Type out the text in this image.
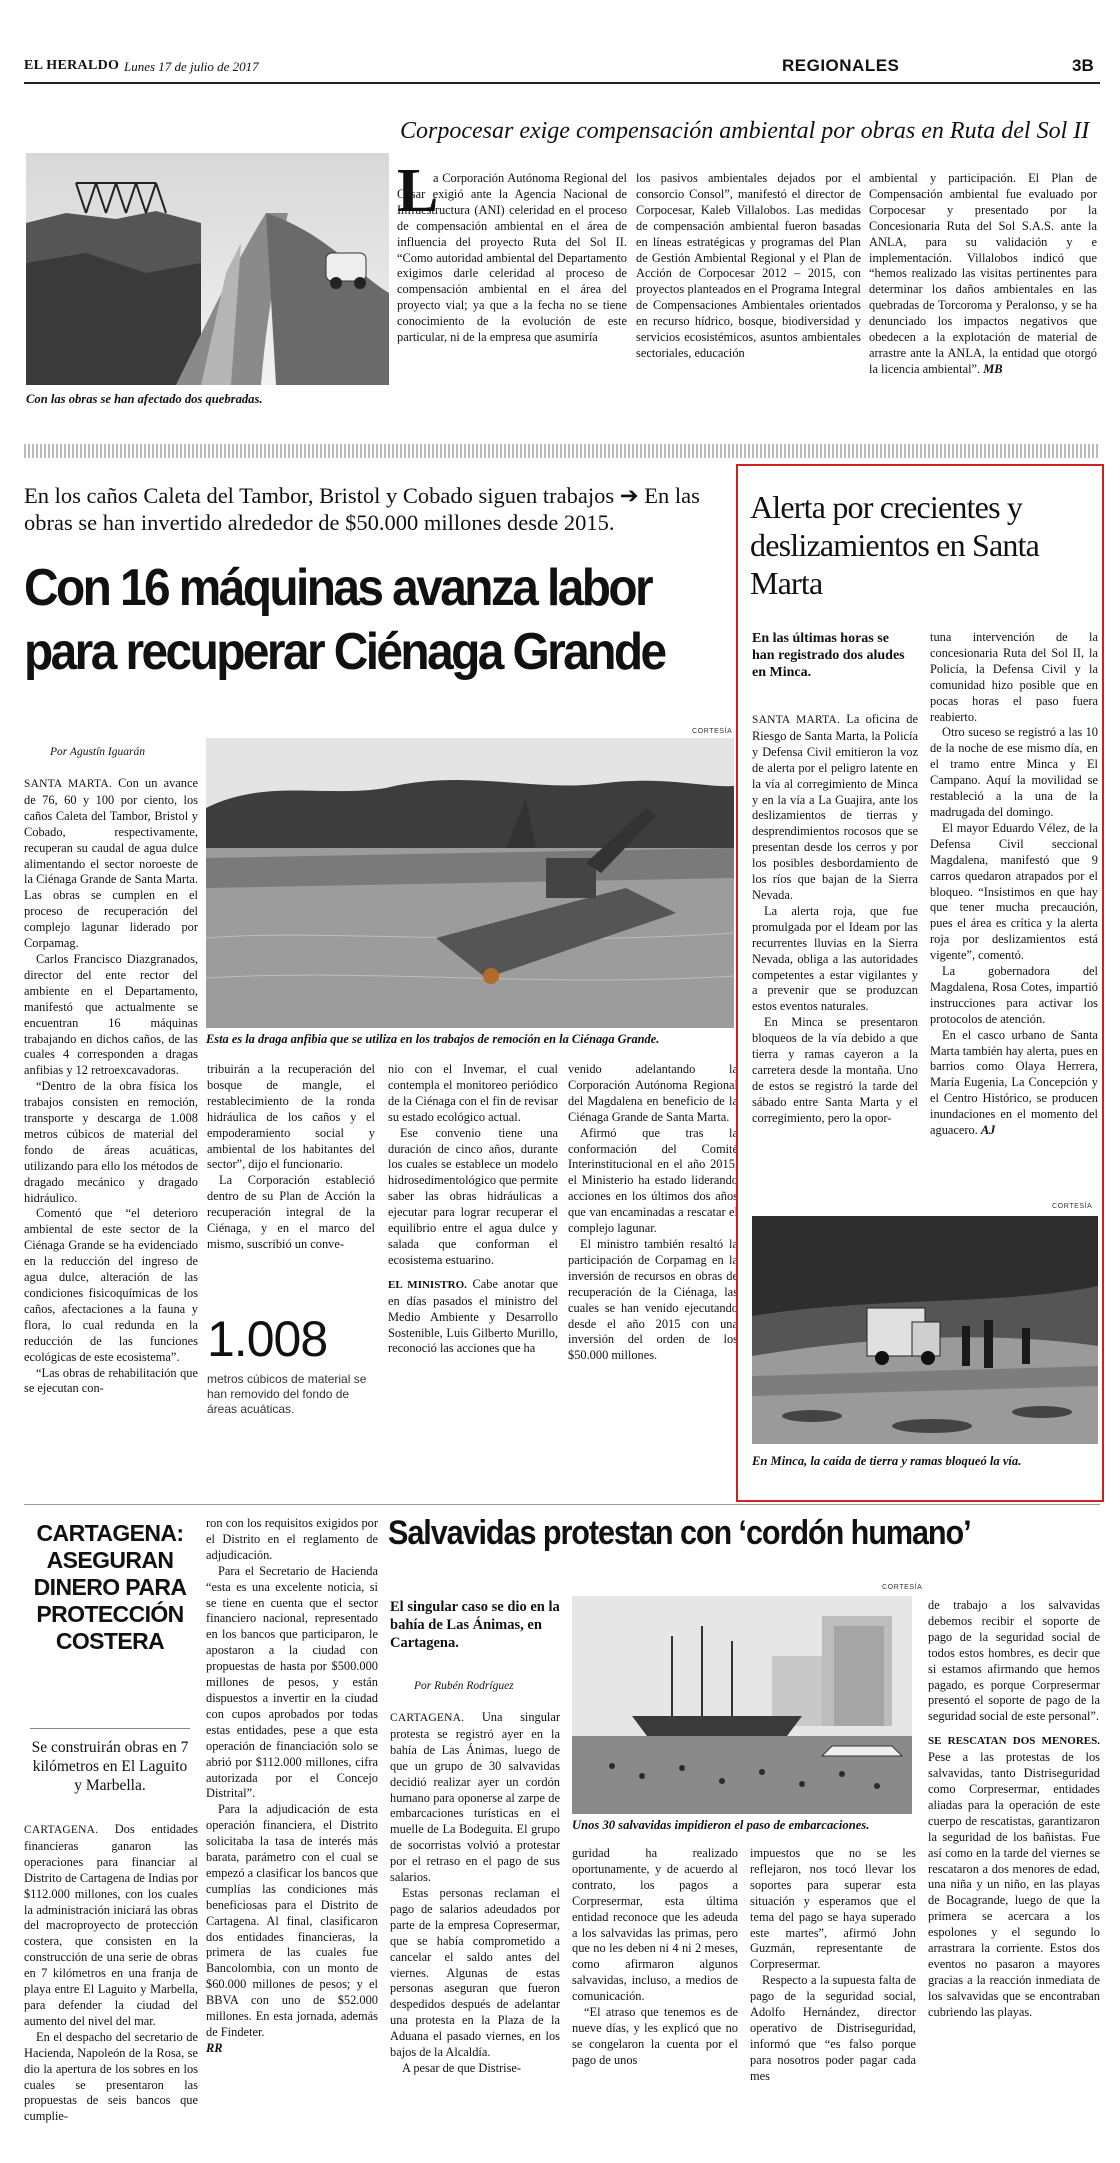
EL HERALDO Lunes 17 de julio de 2017	REGIONALES	3B
Corpocesar exige compensación ambiental por obras en Ruta del Sol II
Con las obras se han afectado dos quebradas.
L

a Corporación Autónoma Regional del Cesar exigió ante la Agencia Nacional de Infraestructura (ANI) celeridad en el proceso de compensación ambiental en el área de influencia del proyecto Ruta del Sol II. “Como autoridad ambiental del Departamento exigimos darle celeridad al proceso de compensación ambiental en el área del proyecto vial; ya que a la fecha no se tiene conocimiento de la evolución de este particular, ni de la empresa que asumiría

los pasivos ambientales dejados por el consorcio Consol”, manifestó el director de Corpocesar, Kaleb Villalobos. Las medidas de compensación ambiental fueron basadas en líneas estratégicas y programas del Plan de Gestión Ambiental Regional y el Plan de Acción de Corpocesar 2012 – 2015, con proyectos planteados en el Programa Integral de Compensaciones Ambientales orientados en recurso hídrico, bosque, biodiversidad y servicios ecosistémicos, asuntos ambientales sectoriales, educación

ambiental y participación. El Plan de Compensación ambiental fue evaluado por Corpocesar y presentado por la Concesionaria Ruta del Sol S.A.S. ante la ANLA, para su validación y e implementación. Villalobos indicó que “hemos realizado las visitas pertinentes para determinar los daños ambientales en las quebradas de Torcoroma y Peralonso, y se ha denunciado los impactos negativos que obedecen a la explotación de material de arrastre ante la ANLA, la entidad que otorgó la licencia ambiental”. MB

En los caños Caleta del Tambor, Bristol y Cobado siguen trabajos ➔ En las obras se han invertido alrededor de $50.000 millones desde 2015.
Con 16 máquinas avanza labor
para recuperar Ciénaga Grande
Por Agustín Iguarán
CORTESÍA
Esta es la draga anfibia que se utiliza en los trabajos de remoción en la Ciénaga Grande.

SANTA MARTA. Con un avance de 76, 60 y 100 por ciento, los caños Caleta del Tambor, Bristol y Cobado, respectivamente, recuperan su caudal de agua dulce alimentando el sector noroeste de la Ciénaga Grande de Santa Marta. Las obras se cumplen en el proceso de recuperación del complejo lagunar liderado por Corpamag.

Carlos Francisco Diazgranados, director del ente rector del ambiente en el Departamento, manifestó que actualmente se encuentran 16 máquinas trabajando en dichos caños, de las cuales 4 corresponden a dragas anfibias y 12 retroexcavadoras.

“Dentro de la obra física los trabajos consisten en remoción, transporte y descarga de 1.008 metros cúbicos de material del fondo de áreas acuáticas, utilizando para ello los métodos de dragado mecánico y dragado hidráulico.

Comentó que “el deterioro ambiental de este sector de la Ciénaga Grande se ha evidenciado en la reducción del ingreso de agua dulce, alteración de las condiciones fisicoquímicas de los caños, afectaciones a la fauna y flora, lo cual redunda en la reducción de las funciones ecológicas de este ecosistema”.

“Las obras de rehabilitación que se ejecutan con-

tribuirán a la recuperación del bosque de mangle, el restablecimiento de la ronda hidráulica de los caños y el empoderamiento social y ambiental de los habitantes del sector”, dijo el funcionario.

La Corporación estableció dentro de su Plan de Acción la recuperación integral de la Ciénaga, y en el marco del mismo, suscribió un conve-

1.008
metros cúbicos de material se han removido del fondo de áreas acuáticas.

nio con el Invemar, el cual contempla el monitoreo periódico de la Ciénaga con el fin de revisar su estado ecológico actual.

Ese convenio tiene una duración de cinco años, durante los cuales se establece un modelo hidrosedimentológico que permite saber las obras hidráulicas a ejecutar para lograr recuperar el equilibrio entre el agua dulce y salada que conforman el ecosistema estuarino.

EL MINISTRO. Cabe anotar que en días pasados el ministro del Medio Ambiente y Desarrollo Sostenible, Luis Gilberto Murillo, reconoció las acciones que ha

venido adelantando la Corporación Autónoma Regional del Magdalena en beneficio de la Ciénaga Grande de Santa Marta.

Afirmó que tras la conformación del Comité Interinstitucional en el año 2015, el Ministerio ha estado liderando acciones en los últimos dos años que van encaminadas a rescatar el complejo lagunar.

El ministro también resaltó la participación de Corpamag en la inversión de recursos en obras de recuperación de la Ciénaga, las cuales se han venido ejecutando desde el año 2015 con una inversión del orden de los $50.000 millones.

Alerta por crecientes y deslizamientos en Santa Marta
En las últimas horas se han registrado dos aludes en Minca.

SANTA MARTA. La oficina de Riesgo de Santa Marta, la Policía y Defensa Civil emitieron la voz de alerta por el peligro latente en la vía al corregimiento de Minca y en la vía a La Guajira, ante los deslizamientos de tierras y desprendimientos rocosos que se presentan desde los cerros y por los posibles desbordamiento de los ríos que bajan de la Sierra Nevada.

La alerta roja, que fue promulgada por el Ideam por las recurrentes lluvias en la Sierra Nevada, obliga a las autoridades competentes a estar vigilantes y a prevenir que se produzcan estos eventos naturales.

En Minca se presentaron bloqueos de la vía debido a que tierra y ramas cayeron a la carretera desde la montaña. Uno de estos se registró la tarde del sábado entre Santa Marta y el corregimiento, pero la opor-

tuna intervención de la concesionaria Ruta del Sol II, la Policía, la Defensa Civil y la comunidad hizo posible que en pocas horas el paso fuera reabierto.

Otro suceso se registró a las 10 de la noche de ese mismo día, en el tramo entre Minca y El Campano. Aquí la movilidad se restableció a la una de la madrugada del domingo.

El mayor Eduardo Vélez, de la Defensa Civil seccional Magdalena, manifestó que 9 carros quedaron atrapados por el bloqueo. “Insistimos en que hay que tener mucha precaución, pues el área es crítica y la alerta roja por deslizamientos está vigente”, comentó.

La gobernadora del Magdalena, Rosa Cotes, impartió instrucciones para activar los protocolos de atención.

En el casco urbano de Santa Marta también hay alerta, pues en barrios como Olaya Herrera, María Eugenia, La Concepción y el Centro Histórico, se producen inundaciones en el momento del aguacero. AJ

CORTESÍA
En Minca, la caída de tierra y ramas bloqueó la vía.
CARTAGENA: ASEGURAN DINERO PARA PROTECCIÓN COSTERA
Se construirán obras en 7 kilómetros en El Laguito y Marbella.

CARTAGENA. Dos entidades financieras ganaron las operaciones para financiar al Distrito de Cartagena de Indias por $112.000 millones, con los cuales la administración iniciará las obras del macroproyecto de protección costera, que consisten en la construcción de una serie de obras en 7 kilómetros en una franja de playa entre El Laguito y Marbella, para defender la ciudad del aumento del nivel del mar.

En el despacho del secretario de Hacienda, Napoleón de la Rosa, se dio la apertura de los sobres en los cuales se presentaron las propuestas de seis bancos que cumplie-

ron con los requisitos exigidos por el Distrito en el reglamento de adjudicación.

Para el Secretario de Hacienda “esta es una excelente noticia, si se tiene en cuenta que el sector financiero nacional, representado en los bancos que participaron, le apostaron a la ciudad con propuestas de hasta por $500.000 millones de pesos, y están dispuestos a invertir en la ciudad con cupos aprobados por todas estas entidades, pese a que esta operación de financiación solo se abrió por $112.000 millones, cifra autorizada por el Concejo Distrital”.

Para la adjudicación de esta operación financiera, el Distrito solicitaba la tasa de interés más barata, parámetro con el cual se empezó a clasificar los bancos que cumplías las condiciones más beneficiosas para el Distrito de Cartagena. Al final, clasificaron dos entidades financieras, la primera de las cuales fue Bancolombia, con un monto de $60.000 millones de pesos; y el BBVA con uno de $52.000 millones. En esta jornada, además de Findeter.

RR

Salvavidas protestan con ‘cordón humano’
El singular caso se dio en la bahía de Las Ánimas, en Cartagena.
Por Rubén Rodríguez

CARTAGENA. Una singular protesta se registró ayer en la bahía de Las Ánimas, luego de que un grupo de 30 salvavidas decidió realizar ayer un cordón humano para oponerse al zarpe de embarcaciones turísticas en el muelle de La Bodeguita. El grupo de socorristas volvió a protestar por el retraso en el pago de sus salarios.

Estas personas reclaman el pago de salarios adeudados por parte de la empresa Copresermar, que se había comprometido a cancelar el saldo antes del viernes. Algunas de estas personas aseguran que fueron despedidos después de adelantar una protesta en la Plaza de la Aduana el pasado viernes, en los bajos de la Alcaldía.

A pesar de que Distrise-

CORTESÍA
Unos 30 salvavidas impidieron el paso de embarcaciones.

guridad ha realizado oportunamente, y de acuerdo al contrato, los pagos a Corpresermar, esta última entidad reconoce que les adeuda a los salvavidas las primas, pero que no les deben ni 4 ni 2 meses, como afirmaron algunos salvavidas, incluso, a medios de comunicación.

“El atraso que tenemos es de nueve días, y les explicó que no se congelaron la cuenta por el pago de unos

impuestos que no se les reflejaron, nos tocó llevar los soportes para superar esta situación y esperamos que el tema del pago se haya superado este martes”, afirmó John Guzmán, representante de Corpresermar.

Respecto a la supuesta falta de pago de la seguridad social, Adolfo Hernández, director operativo de Distriseguridad, informó que “es falso porque para nosotros poder pagar cada mes

de trabajo a los salvavidas debemos recibir el soporte de pago de la seguridad social de todos estos hombres, es decir que si estamos afirmando que hemos pagado, es porque Corpresermar presentó el soporte de pago de la seguridad social de este personal”.

SE RESCATAN DOS MENORES. Pese a las protestas de los salvavidas, tanto Distriseguridad como Corpresermar, entidades aliadas para la operación de este cuerpo de rescatistas, garantizaron la seguridad de los bañistas. Fue así como en la tarde del viernes se rescataron a dos menores de edad, una niña y un niño, en las playas de Bocagrande, luego de que la primera se acercara a los espolones y el segundo lo arrastrara la corriente. Estos dos eventos no pasaron a mayores gracias a la reacción inmediata de los salvavidas que se encontraban cubriendo las playas.
